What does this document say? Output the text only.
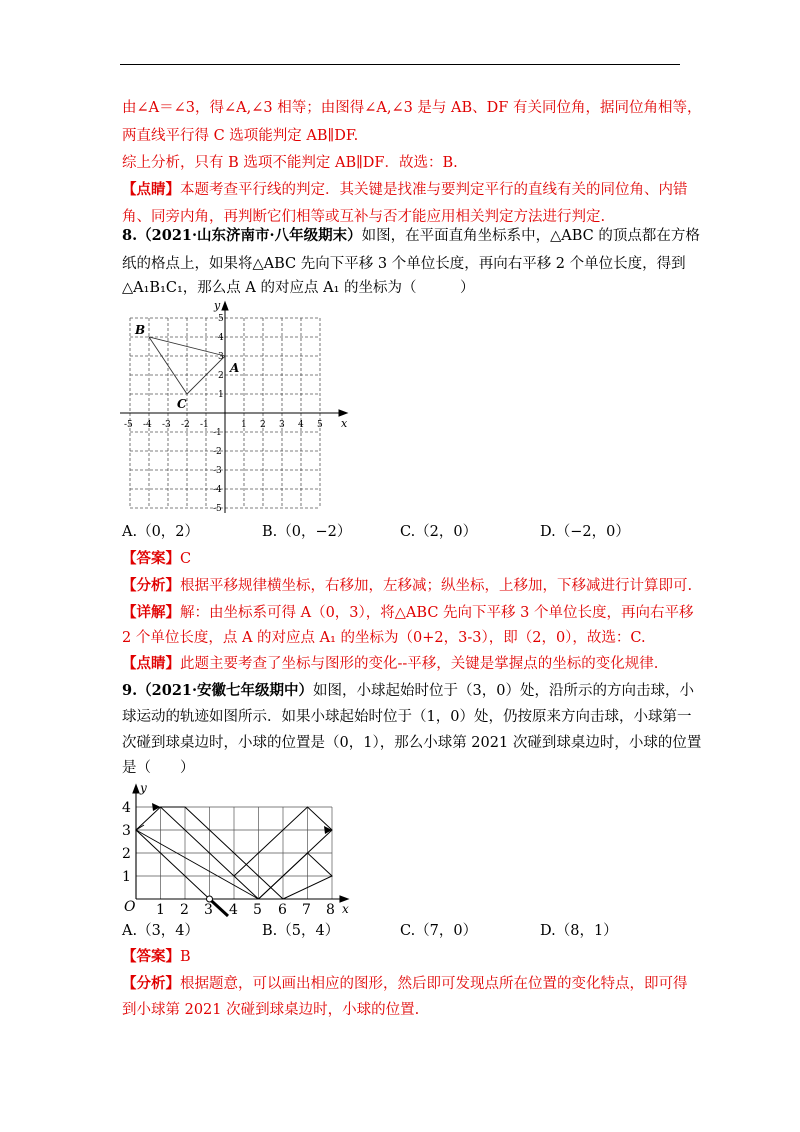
由∠A＝∠3，得∠A,∠3 相等；由图得∠A,∠3 是与 AB、DF 有关同位角，据同位角相等，
两直线平行得 C 选项能判定 AB∥DF.
综上分析，只有 B 选项不能判定 AB∥DF．故选：B.
【点睛】本题考查平行线的判定．其关键是找准与要判定平行的直线有关的同位角、内错
角、同旁内角，再判断它们相等或互补与否才能应用相关判定方法进行判定.
8.（2021·山东济南市·八年级期末）如图，在平面直角坐标系中，△ABC 的顶点都在方格
纸的格点上，如果将△ABC 先向下平移 3 个单位长度，再向右平移 2 个单位长度，得到
△A₁B₁C₁，那么点 A 的对应点 A₁ 的坐标为（　　　）
x
y
-5 -4 -3 -2 -1	1 2 3 4 5
5
4
3
2
1
-1
-2
-3
-4
-5
B
A
C
A.（0，2）	B.（0，−2）	C.（2，0）	D.（−2，0）
【答案】C
【分析】根据平移规律横坐标，右移加，左移减；纵坐标，上移加，下移减进行计算即可.
【详解】解：由坐标系可得 A（0，3），将△ABC 先向下平移 3 个单位长度，再向右平移
2 个单位长度，点 A 的对应点 A₁ 的坐标为（0+2，3-3），即（2，0），故选：C.
【点睛】此题主要考查了坐标与图形的变化--平移，关键是掌握点的坐标的变化规律.
9.（2021·安徽七年级期中）如图，小球起始时位于（3，0）处，沿所示的方向击球，小
球运动的轨迹如图所示．如果小球起始时位于（1，0）处，仍按原来方向击球，小球第一
次碰到球桌边时，小球的位置是（0，1），那么小球第 2021 次碰到球桌边时，小球的位置
是（　　）
O	x
y
1 2 3 4 5 6 7 8
1
2
3
4
A.（3，4）	B.（5，4）	C.（7，0）	D.（8，1）
【答案】B
【分析】根据题意，可以画出相应的图形，然后即可发现点所在位置的变化特点，即可得
到小球第 2021 次碰到球桌边时，小球的位置.
